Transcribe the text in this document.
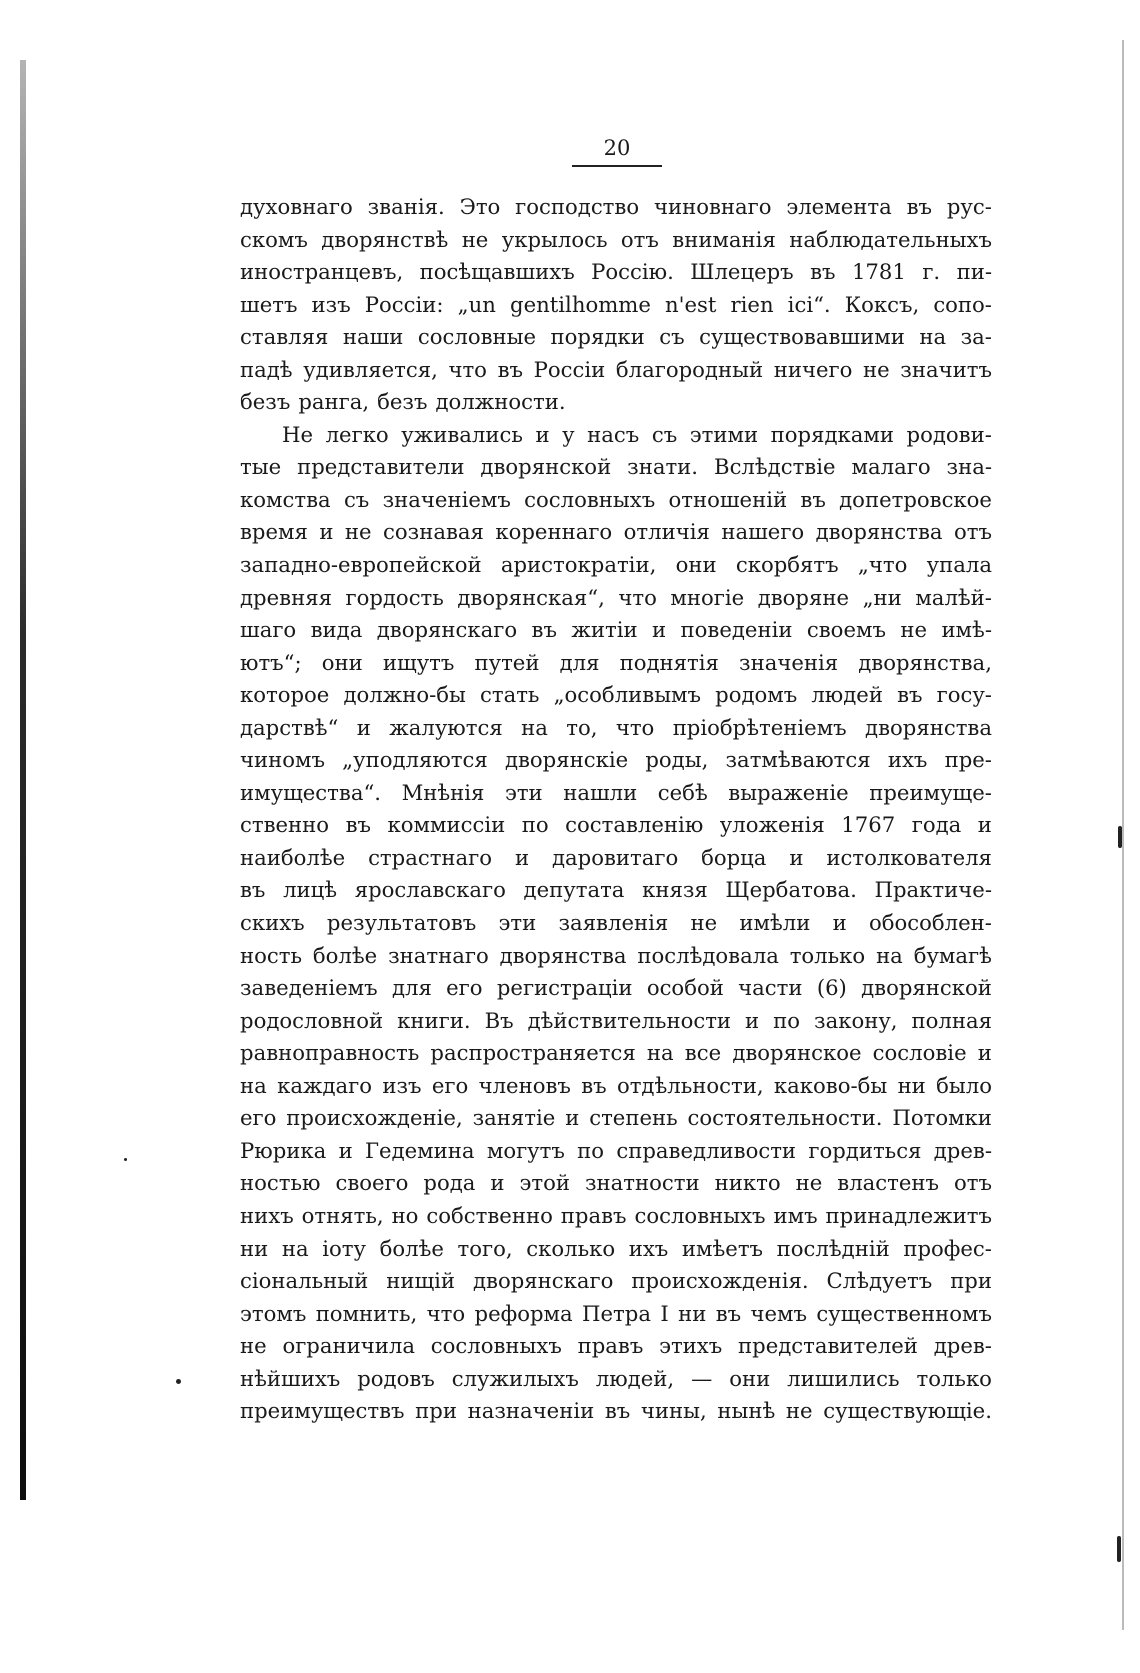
20
духовнаго званія. Это господство чиновнаго элемента въ рус-
скомъ дворянствѣ не укрылось отъ вниманія наблюдательныхъ
иностранцевъ, посѣщавшихъ Россію. Шлецеръ въ 1781 г. пи-
шетъ изъ Россіи: „un gentilhomme n'est rien ici“. Коксъ, сопо-
ставляя наши сословные порядки съ существовавшими на за-
падѣ удивляется, что въ Россіи благородный ничего не значитъ
безъ ранга, безъ должности.
Не легко уживались и у насъ съ этими порядками родови-
тые представители дворянской знати. Вслѣдствіе малаго зна-
комства съ значеніемъ сословныхъ отношеній въ допетровское
время и не сознавая кореннаго отличія нашего дворянства отъ
западно-европейской аристократіи, они скорбятъ „что упала
древняя гордость дворянская“, что многіе дворяне „ни малѣй-
шаго вида дворянскаго въ житіи и поведеніи своемъ не имѣ-
ютъ“; они ищутъ путей для поднятія значенія дворянства,
которое должно-бы стать „особливымъ родомъ людей въ госу-
дарствѣ“ и жалуются на то, что пріобрѣтеніемъ дворянства
чиномъ „уподляются дворянскіе роды, затмѣваются ихъ пре-
имущества“. Мнѣнія эти нашли себѣ выраженіе преимуще-
ственно въ коммиссіи по составленію уложенія 1767 года и
наиболѣе страстнаго и даровитаго борца и истолкователя
въ лицѣ ярославскаго депутата князя Щербатова. Практиче-
скихъ результатовъ эти заявленія не имѣли и обособлен-
ность болѣе знатнаго дворянства послѣдовала только на бумагѣ
заведеніемъ для его регистраціи особой части (6) дворянской
родословной книги. Въ дѣйствительности и по закону, полная
равноправность распространяется на все дворянское сословіе и
на каждаго изъ его членовъ въ отдѣльности, каково-бы ни было
его происхожденіе, занятіе и степень состоятельности. Потомки
Рюрика и Гедемина могутъ по справедливости гордиться древ-
ностью своего рода и этой знатности никто не властенъ отъ
нихъ отнять, но собственно правъ сословныхъ имъ принадлежитъ
ни на іоту болѣе того, сколько ихъ имѣетъ послѣдній профес-
сіональный нищій дворянскаго происхожденія. Слѣдуетъ при
этомъ помнить, что реформа Петра I ни въ чемъ существенномъ
не ограничила сословныхъ правъ этихъ представителей древ-
нѣйшихъ родовъ служилыхъ людей, — они лишились только
преимуществъ при назначеніи въ чины, нынѣ не существующіе.
